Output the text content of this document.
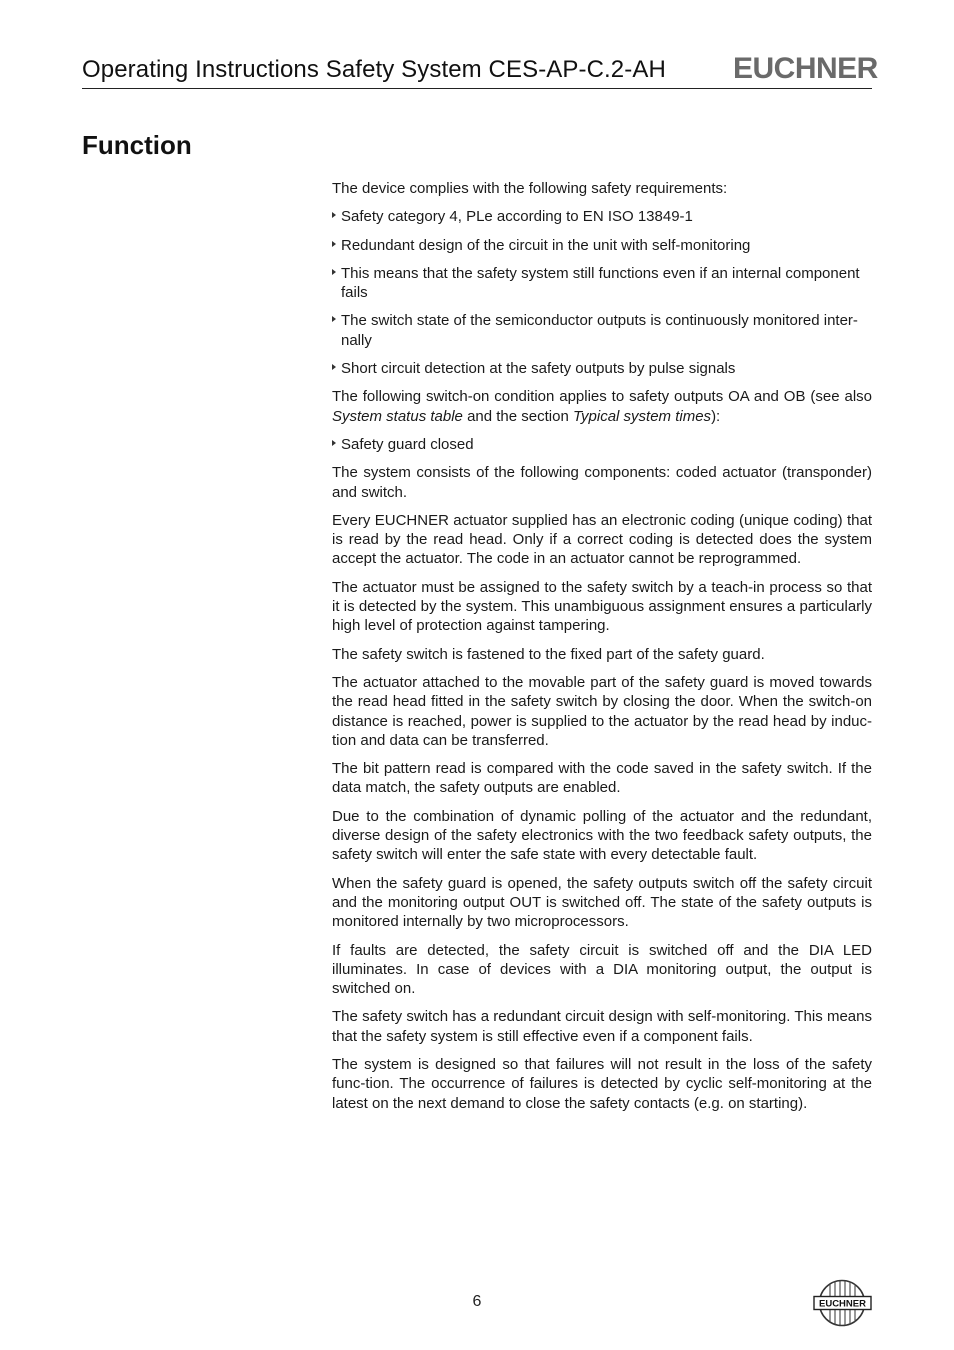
Operating Instructions Safety System CES-AP-C.2-AH EUCHNER
Function

The device complies with the following safety requirements:

Safety category 4, PLe according to EN ISO 13849-1
Redundant design of the circuit in the unit with self-monitoring
This means that the safety system still functions even if an internal component fails
The switch state of the semiconductor outputs is continuously monitored inter-nally
Short circuit detection at the safety outputs by pulse signals

The following switch-on condition applies to safety outputs OA and OB (see also System status table and the section Typical system times):

Safety guard closed

The system consists of the following components: coded actuator (transponder) and switch.

Every EUCHNER actuator supplied has an electronic coding (unique coding) that is read by the read head. Only if a correct coding is detected does the system accept the actuator. The code in an actuator cannot be reprogrammed.

The actuator must be assigned to the safety switch by a teach-in process so that it is detected by the system. This unambiguous assignment ensures a particularly high level of protection against tampering.

The safety switch is fastened to the fixed part of the safety guard.

The actuator attached to the movable part of the safety guard is moved towards the read head fitted in the safety switch by closing the door. When the switch-on distance is reached, power is supplied to the actuator by the read head by induc-tion and data can be transferred.

The bit pattern read is compared with the code saved in the safety switch. If the data match, the safety outputs are enabled.

Due to the combination of dynamic polling of the actuator and the redundant, diverse design of the safety electronics with the two feedback safety outputs, the safety switch will enter the safe state with every detectable fault.

When the safety guard is opened, the safety outputs switch off the safety circuit and the monitoring output OUT is switched off. The state of the safety outputs is monitored internally by two microprocessors.

If faults are detected, the safety circuit is switched off and the DIA LED illuminates. In case of devices with a DIA monitoring output, the output is switched on.

The safety switch has a redundant circuit design with self-monitoring. This means that the safety system is still effective even if a component fails.

The system is designed so that failures will not result in the loss of the safety func-tion. The occurrence of failures is detected by cyclic self-monitoring at the latest on the next demand to close the safety contacts (e.g. on starting).

6	EUCHNER
